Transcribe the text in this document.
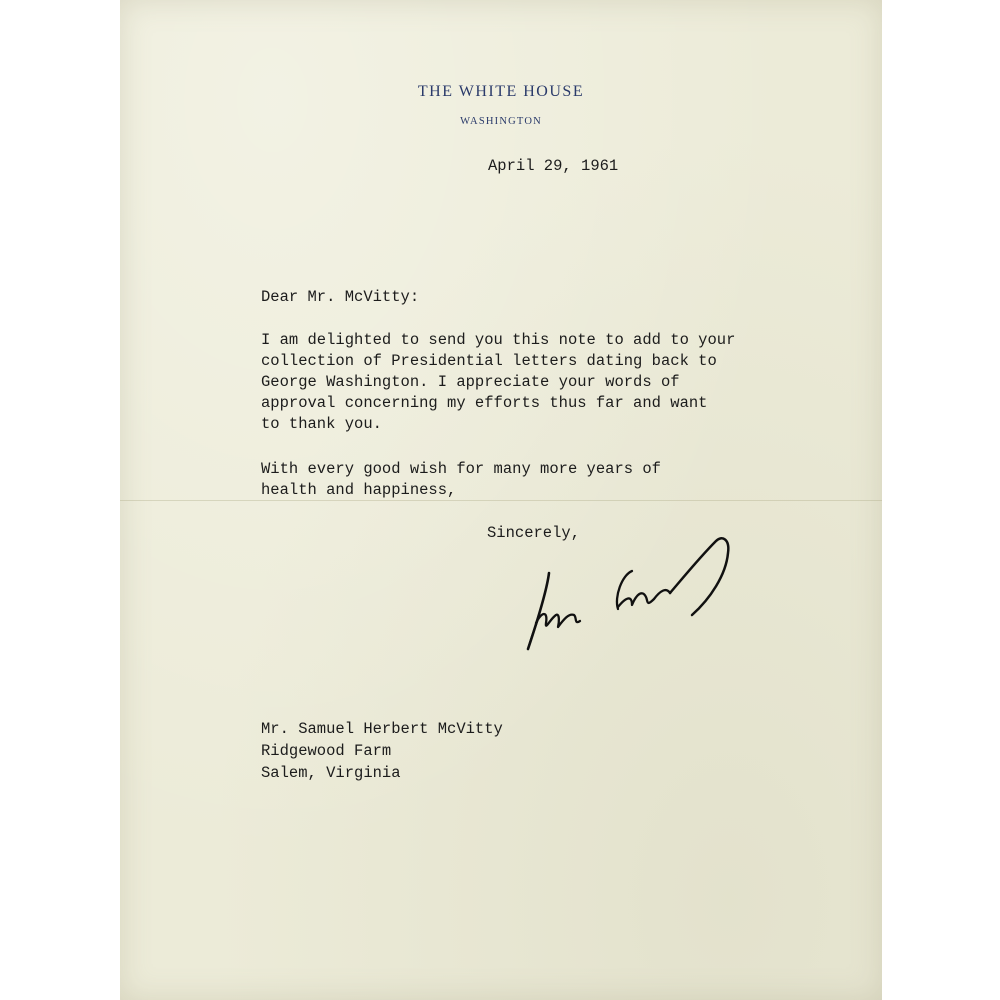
THE WHITE HOUSE
WASHINGTON
April 29, 1961
Dear Mr. McVitty:
I am delighted to send you this note to add to your
collection of Presidential letters dating back to
George Washington. I appreciate your words of
approval concerning my efforts thus far and want
to thank you.
With every good wish for many more years of
health and happiness,
Sincerely,
Mr. Samuel Herbert McVitty
Ridgewood Farm
Salem, Virginia
